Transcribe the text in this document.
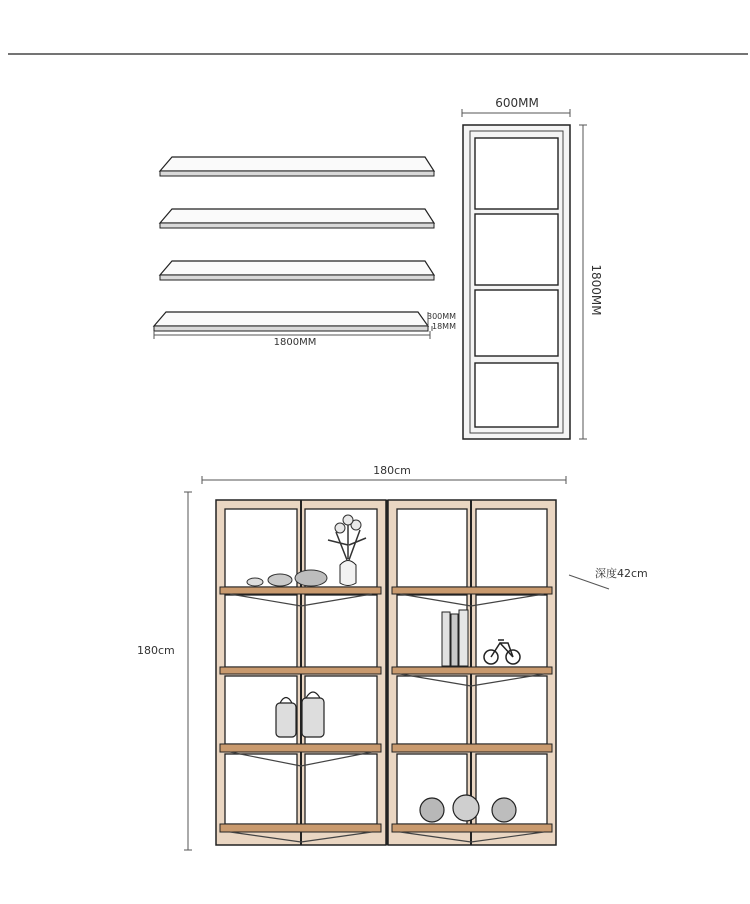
1800MM
300MM
18MM
600MM
1800MM
180cm
180cm
深度42cm
